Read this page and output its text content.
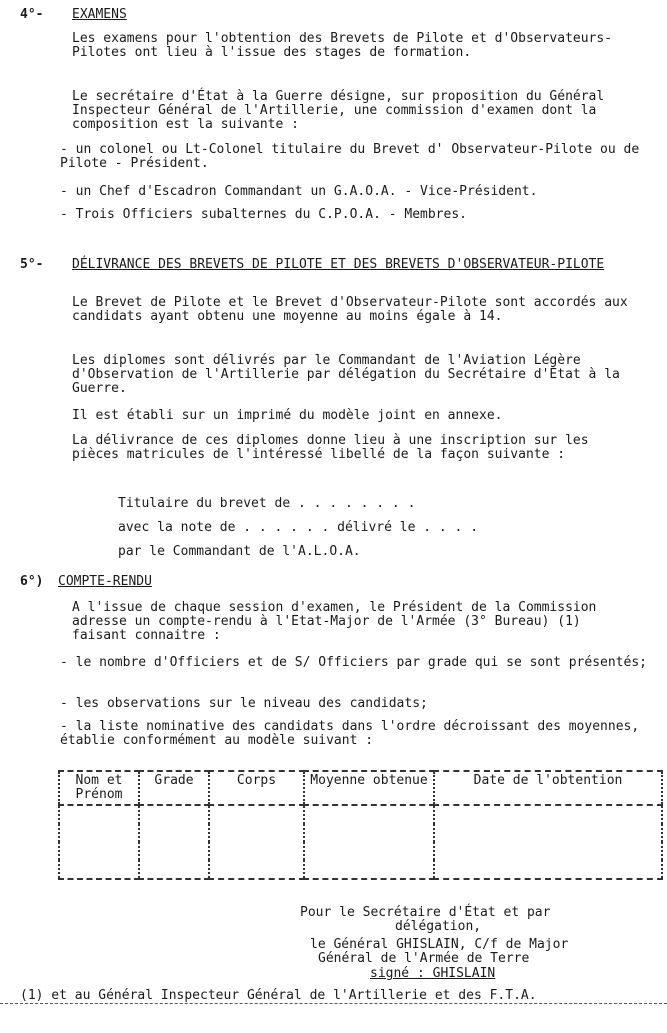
4°- EXAMENS
Les examens pour l'obtention des Brevets de Pilote et d'Observateurs-Pilotes ont lieu à l'issue des stages de formation.
Le secrétaire d'État à la Guerre désigne, sur proposition du Général Inspecteur Général de l'Artillerie, une commission d'examen dont la composition est la suivante :
- un colonel ou Lt-Colonel titulaire du Brevet d' Observateur-Pilote ou de Pilote - Président.
- un Chef d'Escadron Commandant un G.A.O.A. - Vice-Président.
- Trois Officiers subalternes du C.P.O.A. - Membres.
5°- DÉLIVRANCE DES BREVETS DE PILOTE ET DES BREVETS D'OBSERVATEUR-PILOTE
Le Brevet de Pilote et le Brevet d'Observateur-Pilote sont accordés aux candidats ayant obtenu une moyenne au moins égale à 14.
Les diplomes sont délivrés par le Commandant de l'Aviation Légère d'Observation de l'Artillerie par délégation du Secrétaire d'État à la Guerre.
Il est établi sur un imprimé du modèle joint en annexe.
La délivrance de ces diplomes donne lieu à une inscription sur les pièces matricules de l'intéressé libellé de la façon suivante :
Titulaire du brevet de . . . . . . . .
avec la note de . . . . . . délivré le . . . .
par le Commandant de l'A.L.O.A.
6°) COMPTE-RENDU
A l'issue de chaque session d'examen, le Président de la Commission adresse un compte-rendu à l'Etat-Major de l'Armée (3° Bureau) (1) faisant connaitre :
- le nombre d'Officiers et de S/ Officiers par grade qui se sont présentés;
- les observations sur le niveau des candidats;
- la liste nominative des candidats dans l'ordre décroissant des moyennes, établie conformément au modèle suivant :
Nom et Prénom	Grade	Corps	Moyenne obtenue	Date de l'obtention

Pour le Secrétaire d'État et par
délégation,
le Général GHISLAIN, C/f de Major
Général de l'Armée de Terre
signé : GHISLAIN
(1) et au Général Inspecteur Général de l'Artillerie et des F.T.A.
